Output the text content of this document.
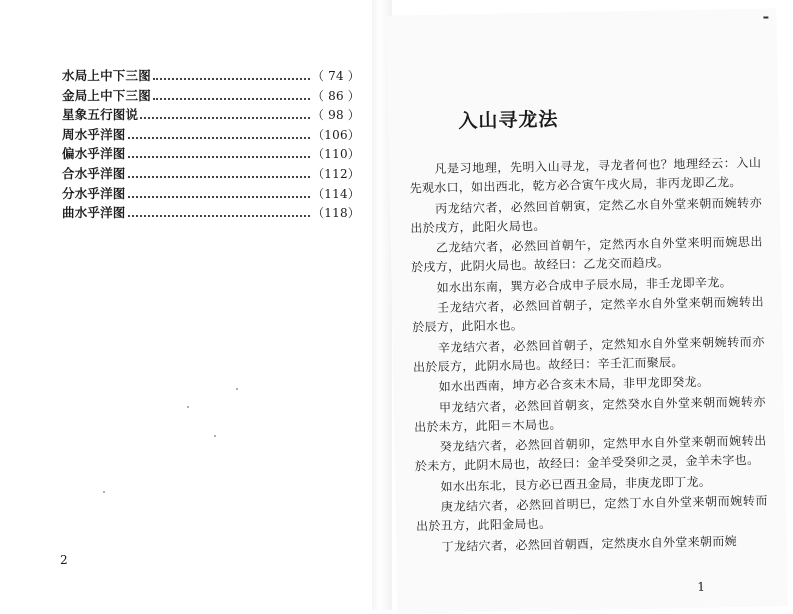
水局上中下三图	（ 74 ）
金局上中下三图	（ 86 ）
星象五行图说	（ 98 ）
周水乎洋图	（106）
偏水乎洋图	（110）
合水乎洋图	（112）
分水乎洋图	（114）
曲水乎洋图	（118）
2
入山寻龙法

凡是习地理，先明入山寻龙，寻龙者何也？地理经云：入山先观水口，如出西北，乾方必合寅午戌火局，非丙龙即乙龙。

丙龙结穴者，必然回首朝寅，定然乙水自外堂来朝而婉转亦出於戌方，此阳火局也。

乙龙结穴者，必然回首朝午，定然丙水自外堂来明而婉思出於戌方，此阴火局也。故经曰：乙龙交而趋戌。

如水出东南，巽方必合成申子辰水局，非壬龙即辛龙。

壬龙结穴者，必然回首朝子，定然辛水自外堂来朝而婉转出於辰方，此阳水也。

辛龙结穴者，必然回首朝子，定然知水自外堂来朝婉转而亦出於辰方，此阴水局也。故经曰：辛壬汇而聚辰。

如水出西南，坤方必合亥未木局，非甲龙即癸龙。

甲龙结穴者，必然回首朝亥，定然癸水自外堂来朝而婉转亦出於未方，此阳＝木局也。

癸龙结穴者，必然回首朝卯，定然甲水自外堂来朝而婉转出於未方，此阴木局也，故经曰：金羊受癸卯之灵，金羊未字也。

如水出东北，艮方必已酉丑金局，非庚龙即丁龙。

庚龙结穴者，必然回首明巳，定然丁水自外堂来朝而婉转而出於丑方，此阳金局也。

丁龙结穴者，必然回首朝酉，定然庚水自外堂来朝而婉

1
